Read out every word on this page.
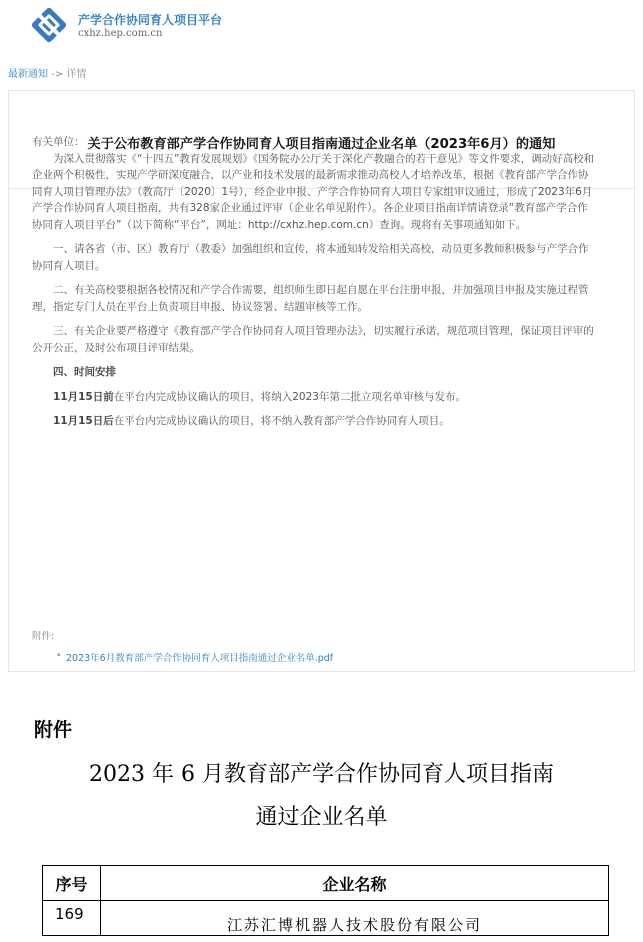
产学合作协同育人项目平台
cxhz.hep.com.cn
最新通知 -> 详情
关于公布教育部产学合作协同育人项目指南通过企业名单（2023年6月）的通知

有关单位：

为深入贯彻落实《“十四五”教育发展规划》《国务院办公厅关于深化产教融合的若干意见》等文件要求，调动好高校和企业两个积极性，实现产学研深度融合，以产业和技术发展的最新需求推动高校人才培养改革，根据《教育部产学合作协同育人项目管理办法》（教高厅〔2020〕1号），经企业申报、产学合作协同育人项目专家组审议通过，形成了2023年6月产学合作协同育人项目指南，共有328家企业通过评审（企业名单见附件）。各企业项目指南详情请登录“教育部产学合作协同育人项目平台”（以下简称“平台”，网址：http://cxhz.hep.com.cn）查询。现将有关事项通知如下。

一、请各省（市、区）教育厅（教委）加强组织和宣传，将本通知转发给相关高校，动员更多教师积极参与产学合作协同育人项目。

二、有关高校要根据各校情况和产学合作需要，组织师生即日起自愿在平台注册申报，并加强项目申报及实施过程管理，指定专门人员在平台上负责项目申报、协议签署、结题审核等工作。

三、有关企业要严格遵守《教育部产学合作协同育人项目管理办法》，切实履行承诺，规范项目管理，保证项目评审的公开公正，及时公布项目评审结果。

四、时间安排

11月15日前在平台内完成协议确认的项目，将纳入2023年第二批立项名单审核与发布。

11月15日后在平台内完成协议确认的项目，将不纳入教育部产学合作协同育人项目。

附件:
• 2023年6月教育部产学合作协同育人项目指南通过企业名单.pdf
附件
2023 年 6 月教育部产学合作协同育人项目指南
通过企业名单
序号	企业名称
169	江苏汇博机器人技术股份有限公司
